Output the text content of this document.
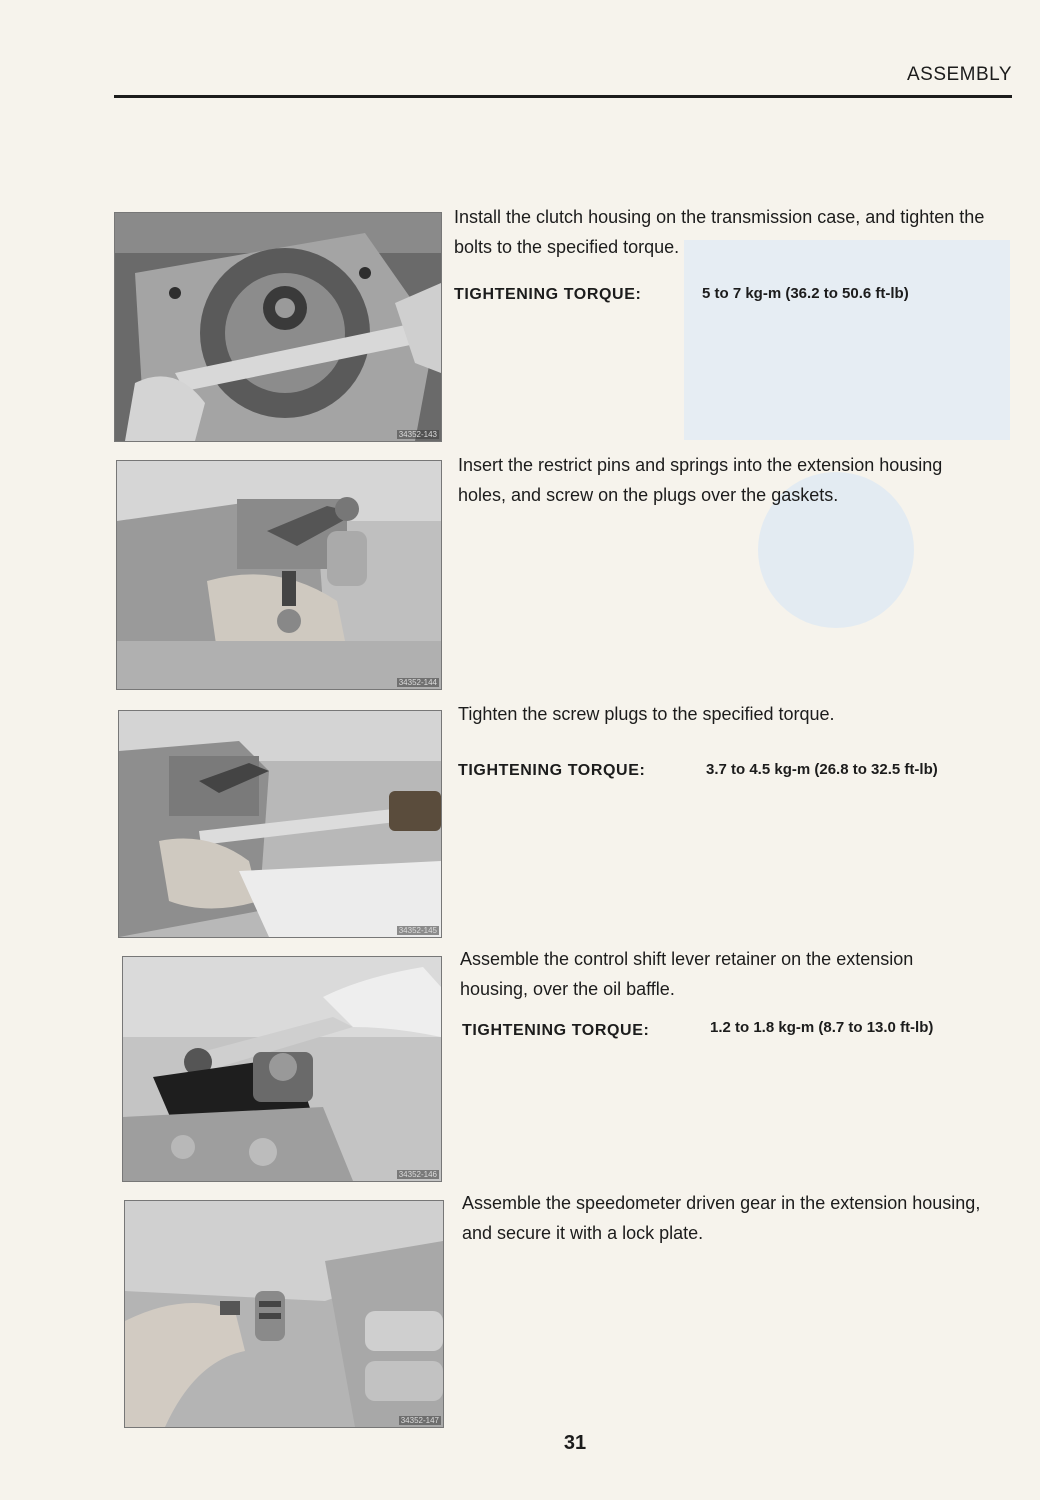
ASSEMBLY
34352-143
Install the clutch housing on the transmission case, and tighten the bolts to the specified torque.
TIGHTENING TORQUE:	5 to 7 kg-m (36.2 to 50.6 ft-lb)
34352-144
Insert the restrict pins and springs into the extension housing holes, and screw on the plugs over the gaskets.
34352-145
Tighten the screw plugs to the specified torque.
TIGHTENING TORQUE:	3.7 to 4.5 kg-m (26.8 to 32.5 ft-lb)
34352-146
Assemble the control shift lever retainer on the extension housing, over the oil baffle.
TIGHTENING TORQUE:	1.2 to 1.8 kg-m (8.7 to 13.0 ft-lb)
34352-147
Assemble the speedometer driven gear in the extension housing, and secure it with a lock plate.
31
